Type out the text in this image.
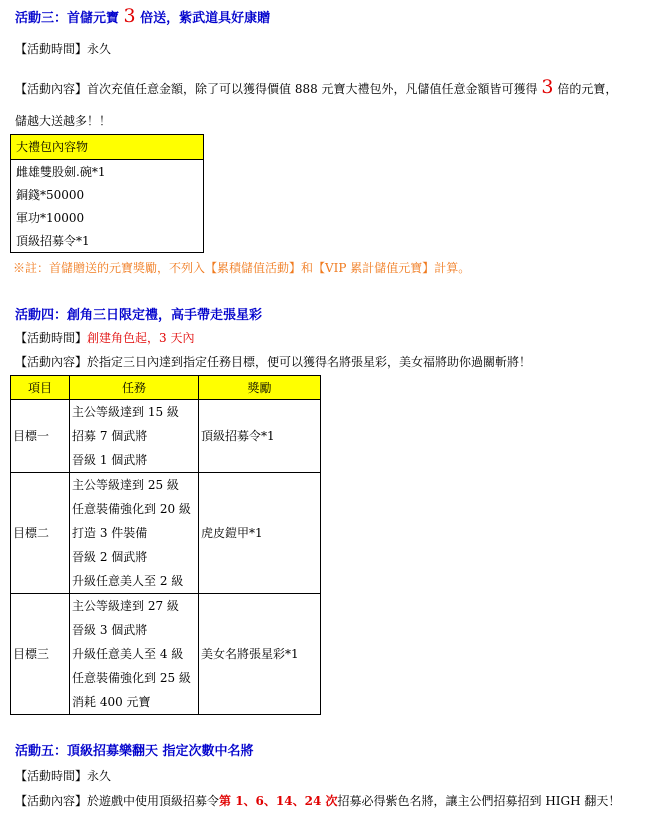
活動三：首儲元寶 3 倍送，紫武道具好康贈
【活動時間】永久
【活動內容】首次充值任意金額，除了可以獲得價值 888 元寶大禮包外，凡儲值任意金額皆可獲得 3 倍的元寶，
儲越大送越多！！
大禮包內容物
雌雄雙股劍.碗*1
銅錢*50000
軍功*10000
頂級招募令*1
※註：首儲贈送的元寶獎勵，不列入【累積儲值活動】和【VIP 累計儲值元寶】計算。
活動四：創角三日限定禮，高手帶走張星彩
【活動時間】創建角色起，3 天內
【活動內容】於指定三日內達到指定任務目標，便可以獲得名將張星彩，美女福將助你過關斬將！
項目	任務	獎勵
目標一	主公等級達到 15 級
招募 7 個武將
晉級 1 個武將	頂級招募令*1
目標二	主公等級達到 25 級
任意裝備強化到 20 級
打造 3 件裝備
晉級 2 個武將
升級任意美人至 2 級	虎皮鎧甲*1
目標三	主公等級達到 27 級
晉級 3 個武將
升級任意美人至 4 級
任意裝備強化到 25 級
消耗 400 元寶	美女名將張星彩*1
活動五：頂級招募樂翻天 指定次數中名將
【活動時間】永久
【活動內容】於遊戲中使用頂級招募令第 1、6、14、24 次招募必得紫色名將，讓主公們招募招到 HIGH 翻天！
